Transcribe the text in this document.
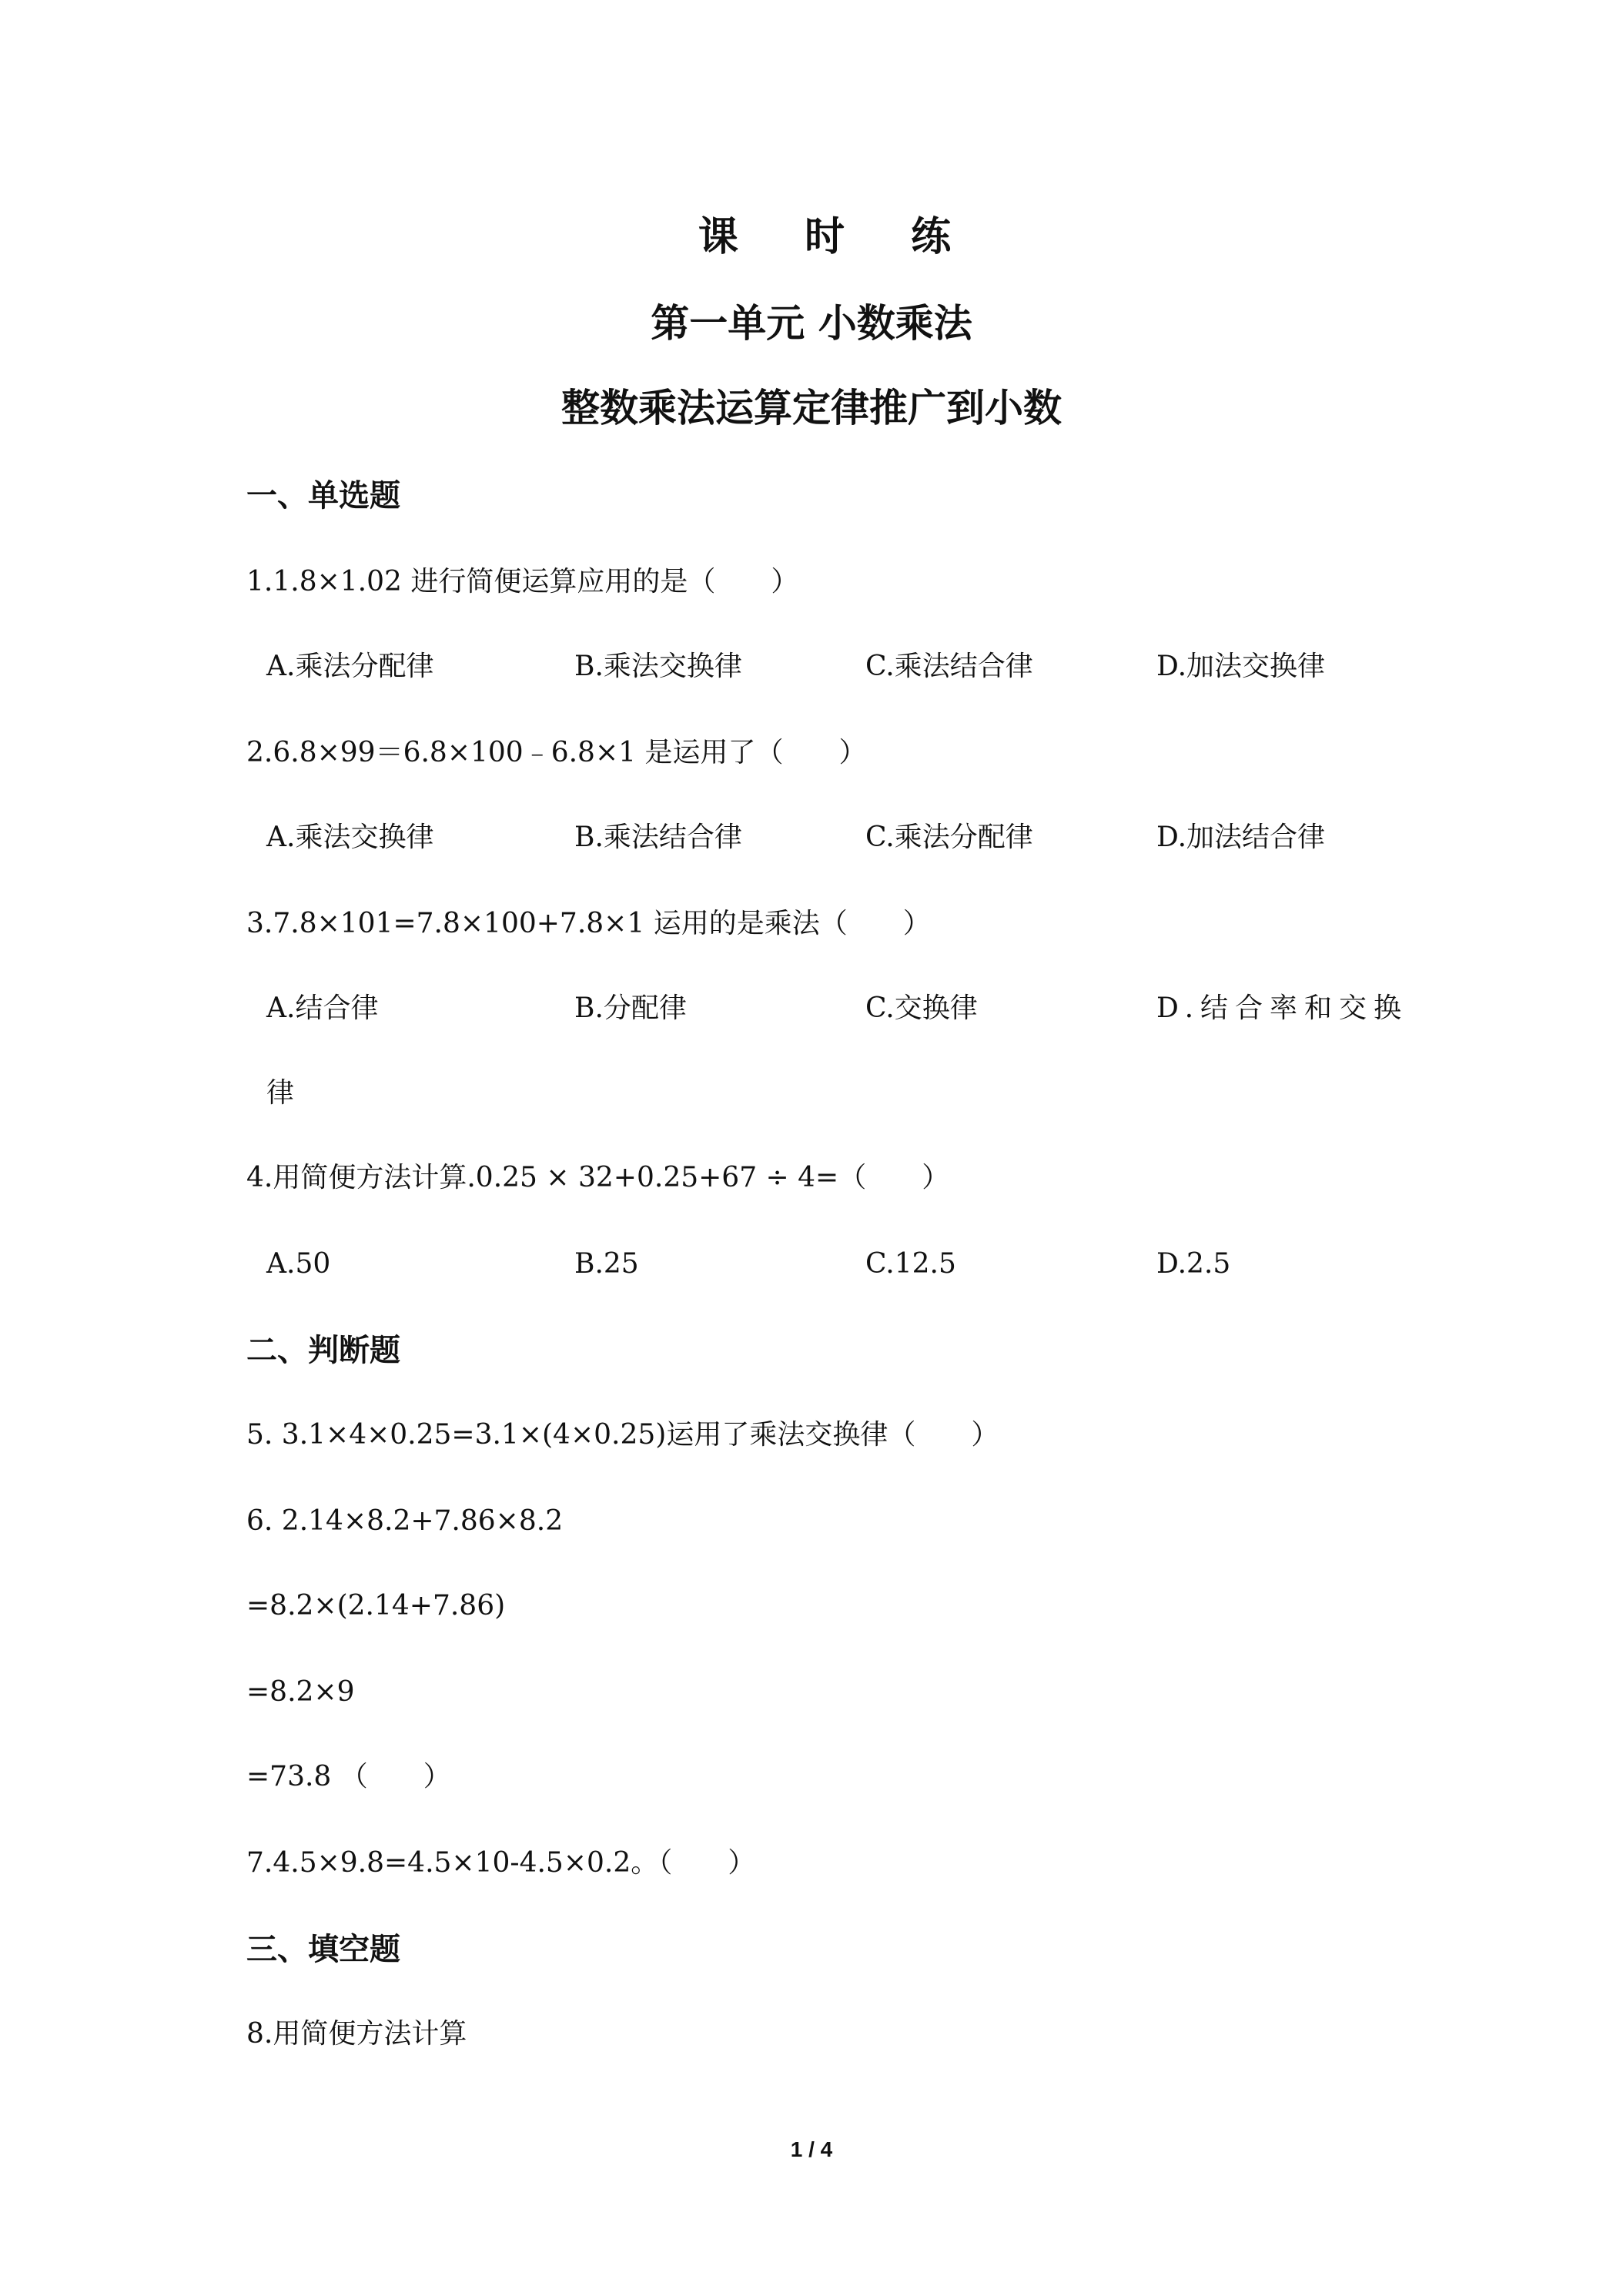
课 时 练
第一单元 小数乘法
整数乘法运算定律推广到小数
一、单选题
1.1.8×1.02 进行简便运算应用的是（　　）
A.乘法分配律	B.乘法交换律	C.乘法结合律	D.加法交换律
2.6.8×99＝6.8×100﹣6.8×1 是运用了（　　）
A.乘法交换律	B.乘法结合律	C.乘法分配律	D.加法结合律
3.7.8×101=7.8×100+7.8×1 运用的是乘法（　　）
A.结合律	B.分配律	C.交换律	D.结合率和交换
律
4.用简便方法计算.0.25 × 32+0.25+67 ÷ 4=（　　）
A.50	B.25	C.12.5	D.2.5
二、判断题
5. 3.1×4×0.25=3.1×(4×0.25)运用了乘法交换律（　　）
6. 2.14×8.2+7.86×8.2
=8.2×(2.14+7.86)
=8.2×9
=73.8 （　　）
7.4.5×9.8=4.5×10-4.5×0.2。（　　）
三、填空题
8.用简便方法计算
1 / 4
